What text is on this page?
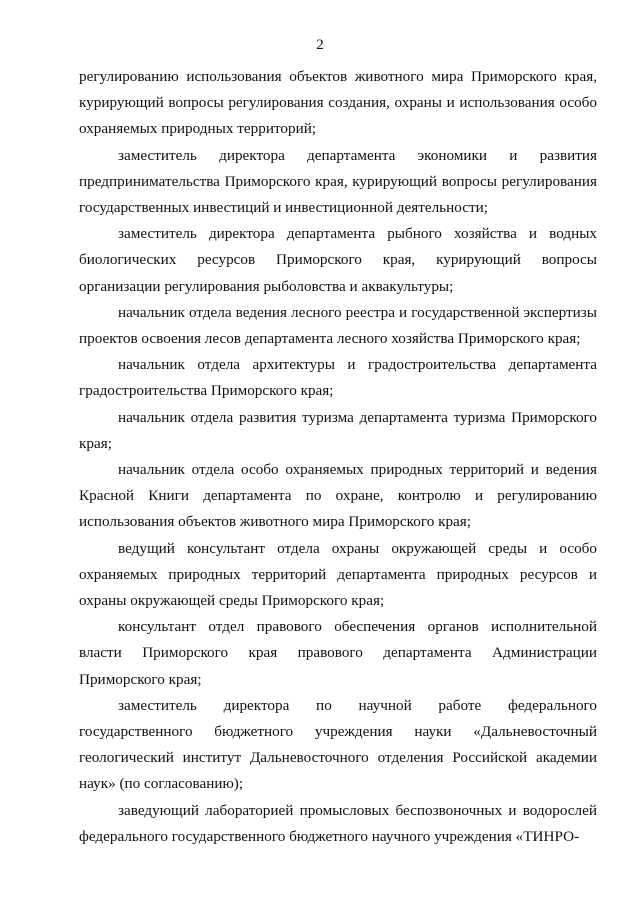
2

регулированию использования объектов животного мира Приморского края, курирующий вопросы регулирования создания, охраны и использования особо охраняемых природных территорий;

заместитель директора департамента экономики и развития предпринимательства Приморского края, курирующий вопросы регулирования государственных инвестиций и инвестиционной деятельности;

заместитель директора департамента рыбного хозяйства и водных биологических ресурсов Приморского края, курирующий вопросы организации регулирования рыболовства и аквакультуры;

начальник отдела ведения лесного реестра и государственной экспертизы проектов освоения лесов департамента лесного хозяйства Приморского края;

начальник отдела архитектуры и градостроительства департамента градостроительства Приморского края;

начальник отдела развития туризма департамента туризма Приморского края;

начальник отдела особо охраняемых природных территорий и ведения Красной Книги департамента по охране, контролю и регулированию использования объектов животного мира Приморского края;

ведущий консультант отдела охраны окружающей среды и особо охраняемых природных территорий департамента природных ресурсов и охраны окружающей среды Приморского края;

консультант отдел правового обеспечения органов исполнительной власти Приморского края правового департамента Администрации Приморского края;

заместитель директора по научной работе федерального государственного бюджетного учреждения науки «Дальневосточный геологический институт Дальневосточного отделения Российской академии наук» (по согласованию);

заведующий лабораторией промысловых беспозвоночных и водорослей федерального государственного бюджетного научного учреждения «ТИНРО-
